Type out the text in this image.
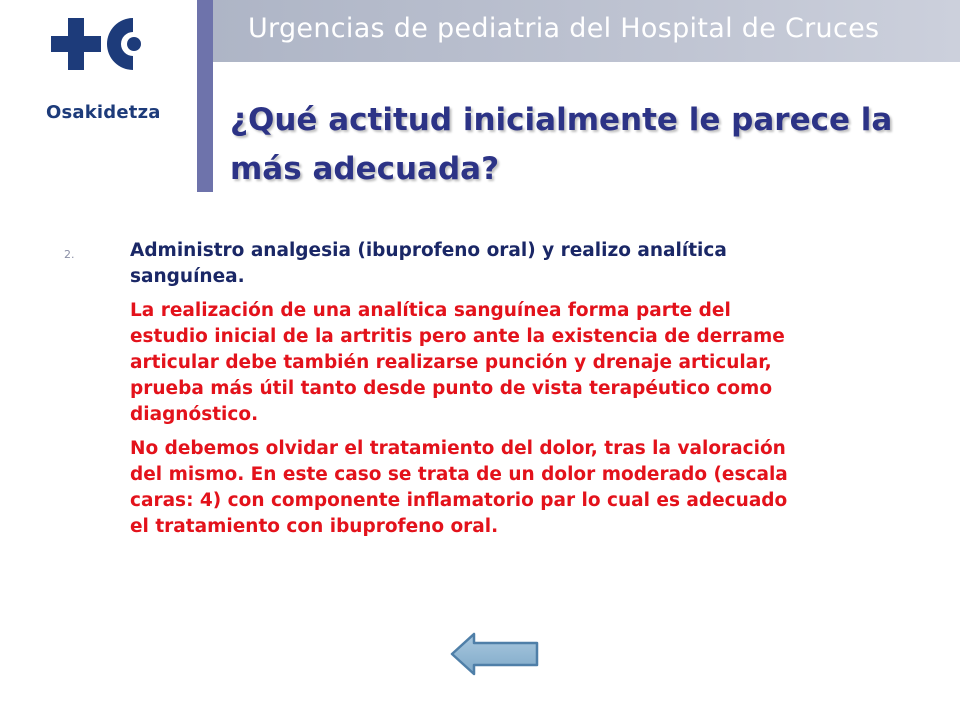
Osakidetza
Urgencias de pediatria del Hospital de Cruces
¿Qué actitud inicialmente le parece la
más adecuada?
2.	Administro analgesia (ibuprofeno oral) y realizo analítica
sanguínea.
La realización de una analítica sanguínea forma parte del
estudio inicial de la artritis pero ante la existencia de derrame
articular debe también realizarse punción y drenaje articular,
prueba más útil tanto desde punto de vista terapéutico como
diagnóstico.
No debemos olvidar el tratamiento del dolor, tras la valoración
del mismo. En este caso se trata de un dolor moderado (escala
caras: 4) con componente inflamatorio par lo cual es adecuado
el tratamiento con ibuprofeno oral.
